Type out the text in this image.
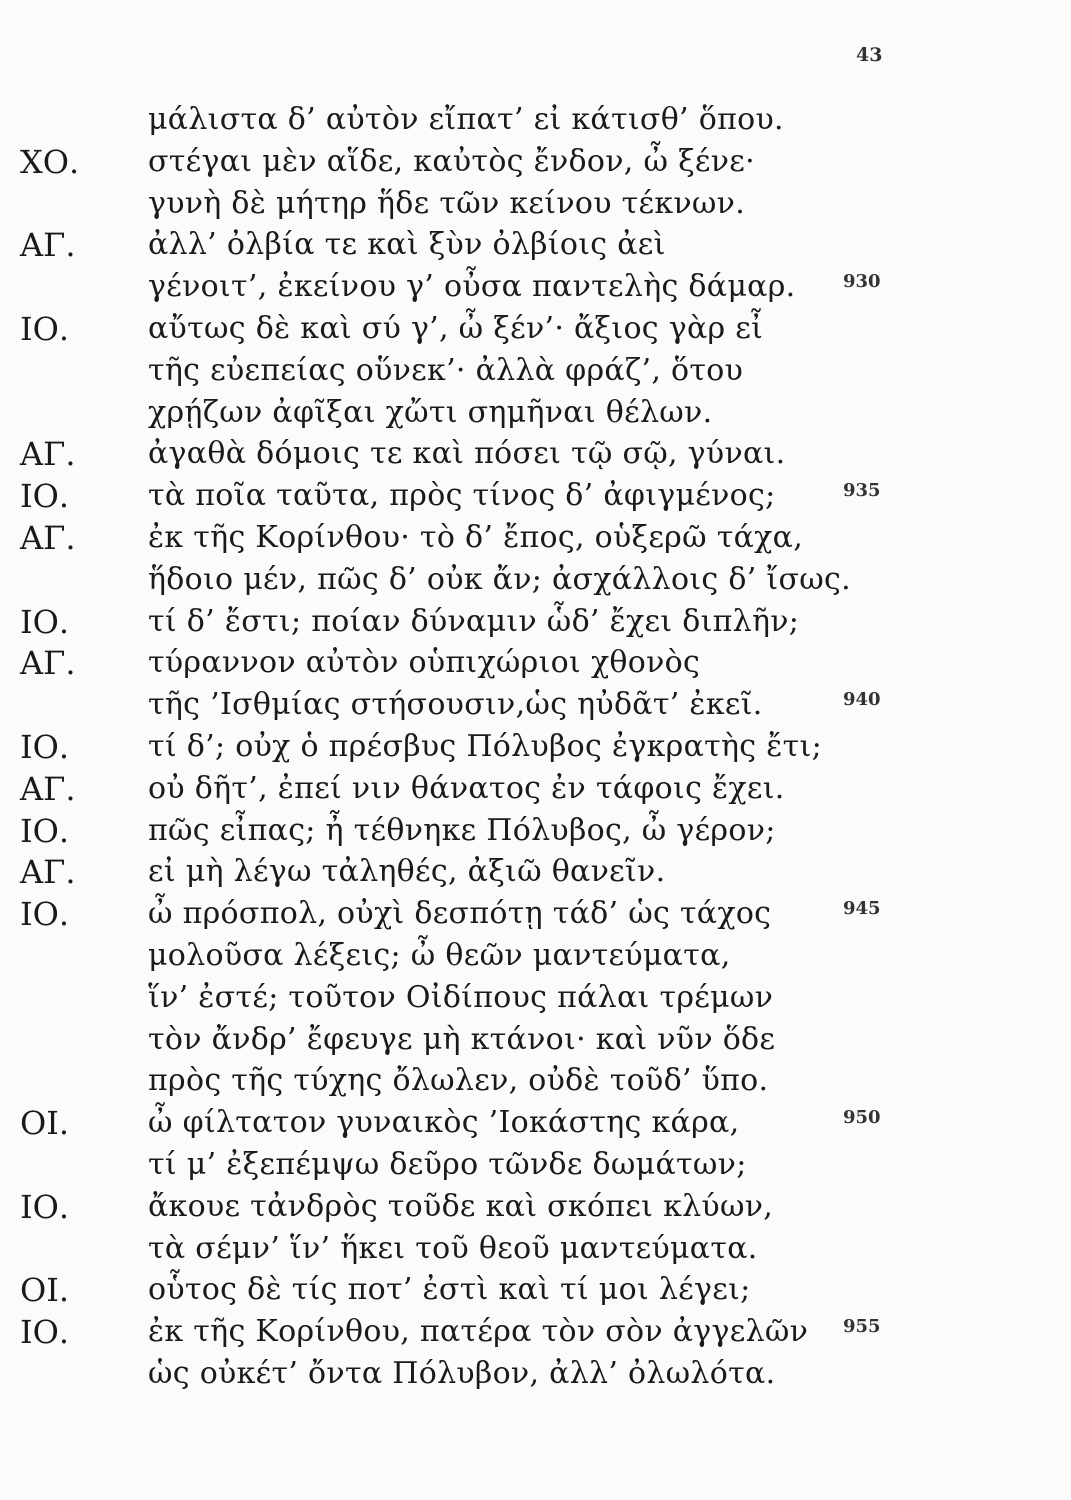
43
μάλιστα δ’ αὐτὸν εἴπατ’ εἰ κάτισθ’ ὅπου.
ΧΟ. στέγαι μὲν αἵδε, καὐτὸς ἔνδον, ὦ ξένε·
γυνὴ δὲ μήτηρ ἥδε τῶν κείνου τέκνων.
ΑΓ. ἀλλ’ ὀλβία τε καὶ ξὺν ὀλβίοις ἀεὶ
γένοιτ’, ἐκείνου γ’ οὖσα παντελὴς δάμαρ.	930
ΙΟ.	αὔτως δὲ καὶ σύ γ’, ὦ ξέν’· ἄξιος γὰρ εἶ
τῆς εὐεπείας οὕνεκ’· ἀλλὰ φράζ’, ὅτου
χρῄζων ἀφῖξαι χὤτι σημῆναι θέλων.
ΑΓ. ἀγαθὰ δόμοις τε καὶ πόσει τῷ σῷ, γύναι.
ΙΟ.	τὰ ποῖα ταῦτα, πρὸς τίνος δ’ ἀφιγμένος;	935
ΑΓ. ἐκ τῆς Κορίνθου· τὸ δ’ ἔπος, οὑξερῶ τάχα,
ἥδοιο μέν, πῶς δ’ οὐκ ἄν; ἀσχάλλοις δ’ ἴσως.
ΙΟ.	τί δ’ ἔστι; ποίαν δύναμιν ὧδ’ ἔχει διπλῆν;
ΑΓ. τύραννον αὐτὸν οὑπιχώριοι χθονὸς
τῆς ’Ισθμίας στήσουσιν,ὡς ηὐδᾶτ’ ἐκεῖ.	940
ΙΟ.	τί δ’; οὐχ ὁ πρέσβυς Πόλυβος ἐγκρατὴς ἔτι;
ΑΓ. οὐ δῆτ’, ἐπεί νιν θάνατος ἐν τάφοις ἔχει.
ΙΟ.	πῶς εἶπας; ἦ τέθνηκε Πόλυβος, ὦ γέρον;
ΑΓ. εἰ μὴ λέγω τἀληθές, ἀξιῶ θανεῖν.
ΙΟ.	ὦ πρόσπολ, οὐχὶ δεσπότῃ τάδ’ ὡς τάχος	945
μολοῦσα λέξεις; ὦ θεῶν μαντεύματα,
ἵν’ ἐστέ; τοῦτον Οἰδίπους πάλαι τρέμων
τὸν ἄνδρ’ ἔφευγε μὴ κτάνοι· καὶ νῦν ὅδε
πρὸς τῆς τύχης ὄλωλεν, οὐδὲ τοῦδ’ ὕπο.
ΟΙ.	ὦ φίλτατον γυναικὸς ’Ιοκάστης κάρα,	950
τί μ’ ἐξεπέμψω δεῦρο τῶνδε δωμάτων;
ΙΟ.	ἄκουε τἀνδρὸς τοῦδε καὶ σκόπει κλύων,
τὰ σέμν’ ἵν’ ἥκει τοῦ θεοῦ μαντεύματα.
ΟΙ.	οὗτος δὲ τίς ποτ’ ἐστὶ καὶ τί μοι λέγει;
ΙΟ.	ἐκ τῆς Κορίνθου, πατέρα τὸν σὸν ἀγγελῶν 955
ὡς οὐκέτ’ ὄντα Πόλυβον, ἀλλ’ ὀλωλότα.
